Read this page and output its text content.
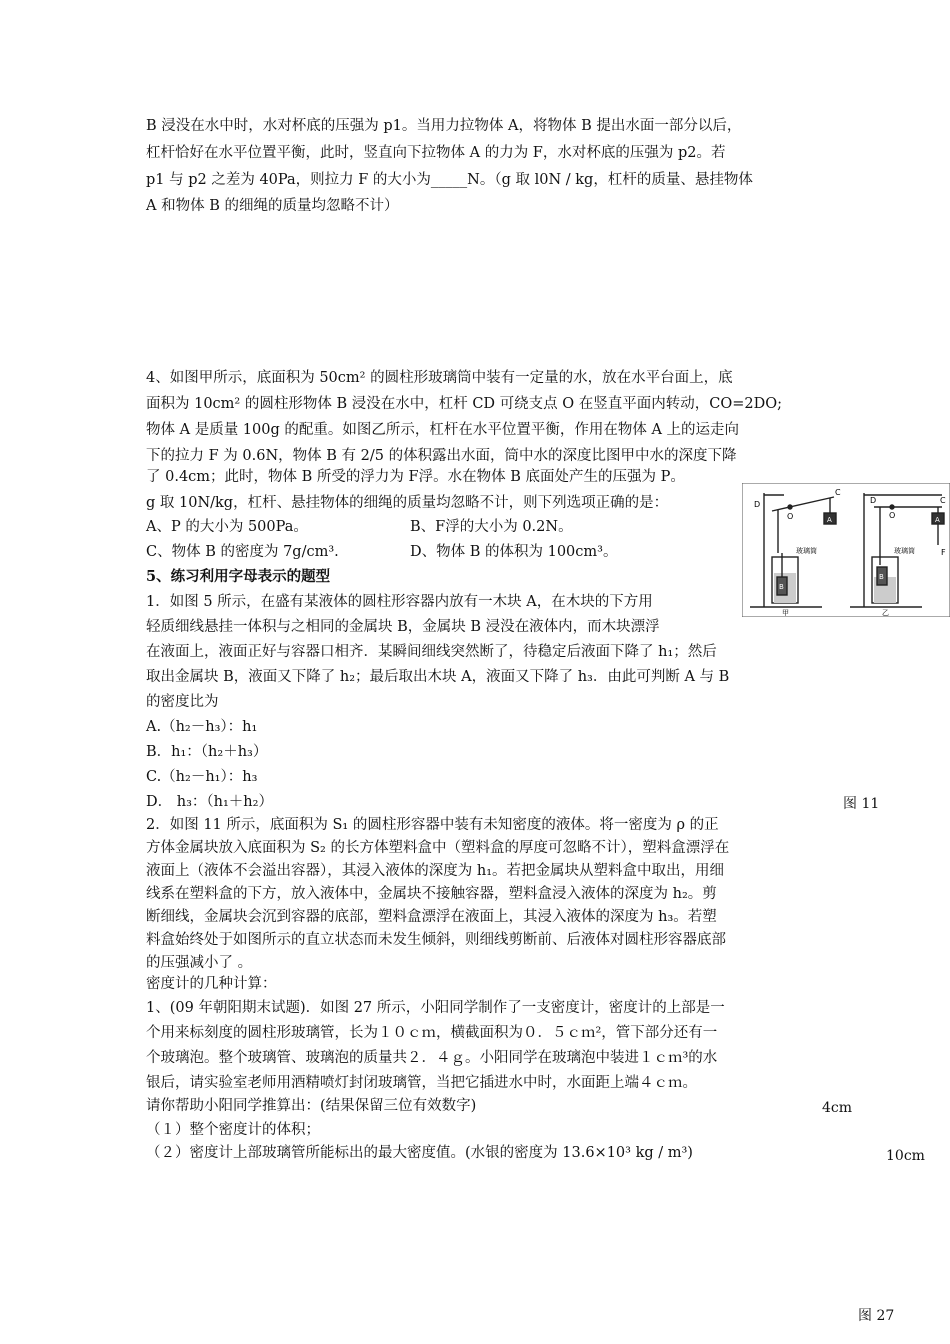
B 浸没在水中时，水对杯底的压强为 p1。当用力拉物体 A，将物体 B 提出水面一部分以后，
杠杆恰好在水平位置平衡，此时，竖直向下拉物体 A 的力为 F，水对杯底的压强为 p2。若
p1 与 p2 之差为 40Pa，则拉力 F 的大小为_____N。（g 取 l0N / kg，杠杆的质量、悬挂物体
A 和物体 B 的细绳的质量均忽略不计）
4、如图甲所示，底面积为 50cm² 的圆柱形玻璃筒中装有一定量的水，放在水平台面上，底
面积为 10cm² 的圆柱形物体 B 浸没在水中，杠杆 CD 可绕支点 O 在竖直平面内转动，CO=2DO;
物体 A 是质量 100g 的配重。如图乙所示，杠杆在水平位置平衡，作用在物体 A 上的运走向
下的拉力 F 为 0.6N，物体 B 有 2/5 的体积露出水面，筒中水的深度比图甲中水的深度下降
了 0.4cm；此时，物体 B 所受的浮力为 F浮。水在物体 B 底面处产生的压强为 P。
g 取 10N/kg，杠杆、悬挂物体的细绳的质量均忽略不计，则下列选项正确的是：
A、P 的大小为 500Pa。	B、F浮的大小为 0.2N。
C、物体 B 的密度为 7g/cm³.	D、物体 B 的体积为 100cm³。
D
O
C
A
玻璃筒
B
甲
D
O
C
A
F
玻璃筒
B
乙
5、练习利用字母表示的题型
1．如图 5 所示，在盛有某液体的圆柱形容器内放有一木块 A，在木块的下方用
轻质细线悬挂一体积与之相同的金属块 B，金属块 B 浸没在液体内，而木块漂浮
在液面上，液面正好与容器口相齐．某瞬间细线突然断了，待稳定后液面下降了 h₁；然后
取出金属块 B，液面又下降了 h₂；最后取出木块 A，液面又下降了 h₃．由此可判断 A 与 B
的密度比为
A.（h₂－h₃）：h₁
B．h₁：（h₂＋h₃）
C.（h₂－h₁）：h₃
D． h₃：（h₁＋h₂）	图 11
2．如图 11 所示，底面积为 S₁ 的圆柱形容器中装有未知密度的液体。将一密度为 ρ 的正
方体金属块放入底面积为 S₂ 的长方体塑料盒中（塑料盒的厚度可忽略不计），塑料盒漂浮在
液面上（液体不会溢出容器），其浸入液体的深度为 h₁。若把金属块从塑料盒中取出，用细
线系在塑料盒的下方，放入液体中，金属块不接触容器，塑料盒浸入液体的深度为 h₂。剪
断细线，金属块会沉到容器的底部，塑料盒漂浮在液面上，其浸入液体的深度为 h₃。若塑
料盒始终处于如图所示的直立状态而未发生倾斜，则细线剪断前、后液体对圆柱形容器底部
的压强减小了 。
密度计的几种计算：
1、(09 年朝阳期末试题)．如图 27 所示，小阳同学制作了一支密度计，密度计的上部是一
个用来标刻度的圆柱形玻璃管，长为１０ｃｍ，横截面积为０．５ｃｍ²，管下部分还有一
个玻璃泡。整个玻璃管、玻璃泡的质量共２．４ｇ。小阳同学在玻璃泡中装进１ｃｍ³的水
银后，请实验室老师用酒精喷灯封闭玻璃管，当把它插进水中时，水面距上端４ｃｍ。
请你帮助小阳同学推算出：(结果保留三位有效数字)
（１）整个密度计的体积；
（２）密度计上部玻璃管所能标出的最大密度值。(水银的密度为 13.6×10³ kg / m³)
4cm
10cm
图 27
